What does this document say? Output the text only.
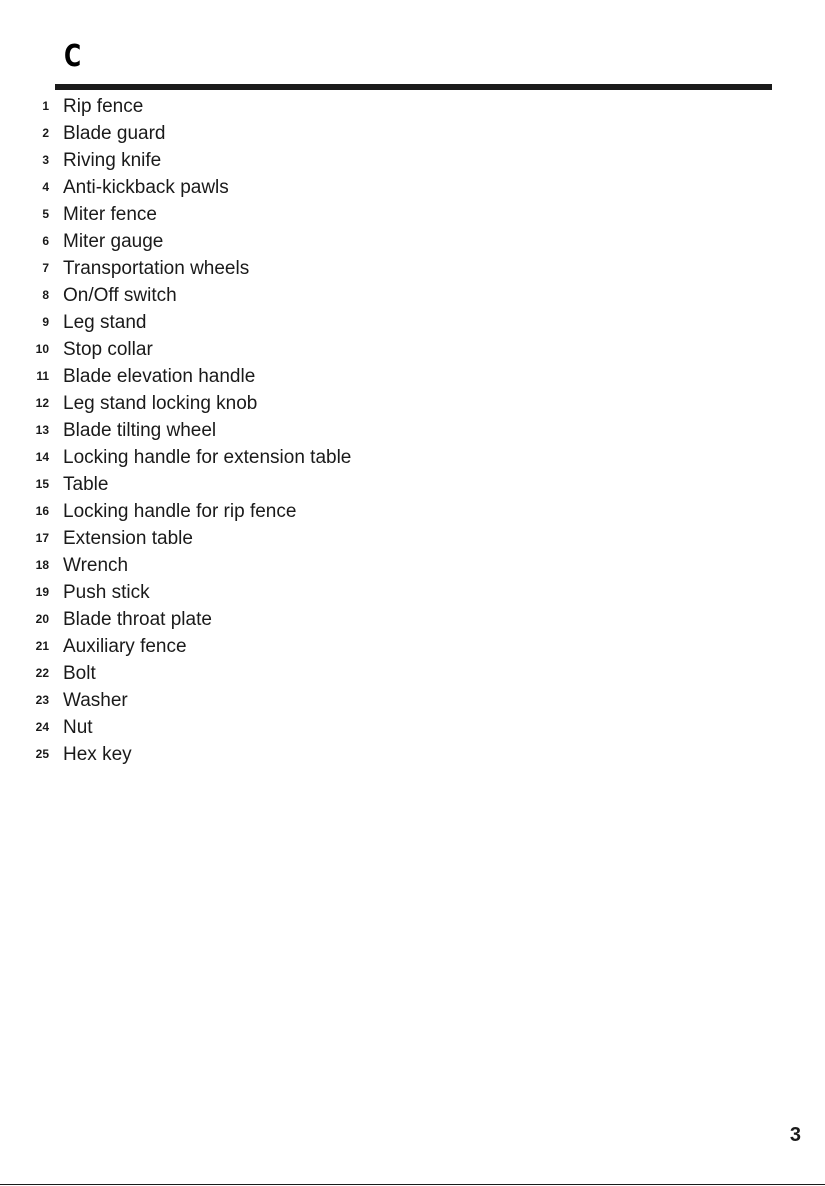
C
1 Rip fence
2 Blade guard
3 Riving knife
4 Anti-kickback pawls
5 Miter fence
6 Miter gauge
7 Transportation wheels
8 On/Off switch
9 Leg stand
10 Stop collar
11 Blade elevation handle
12 Leg stand locking knob
13 Blade tilting wheel
14 Locking handle for extension table
15 Table
16 Locking handle for rip fence
17 Extension table
18 Wrench
19 Push stick
20 Blade throat plate
21 Auxiliary fence
22 Bolt
23 Washer
24 Nut
25 Hex key
3
